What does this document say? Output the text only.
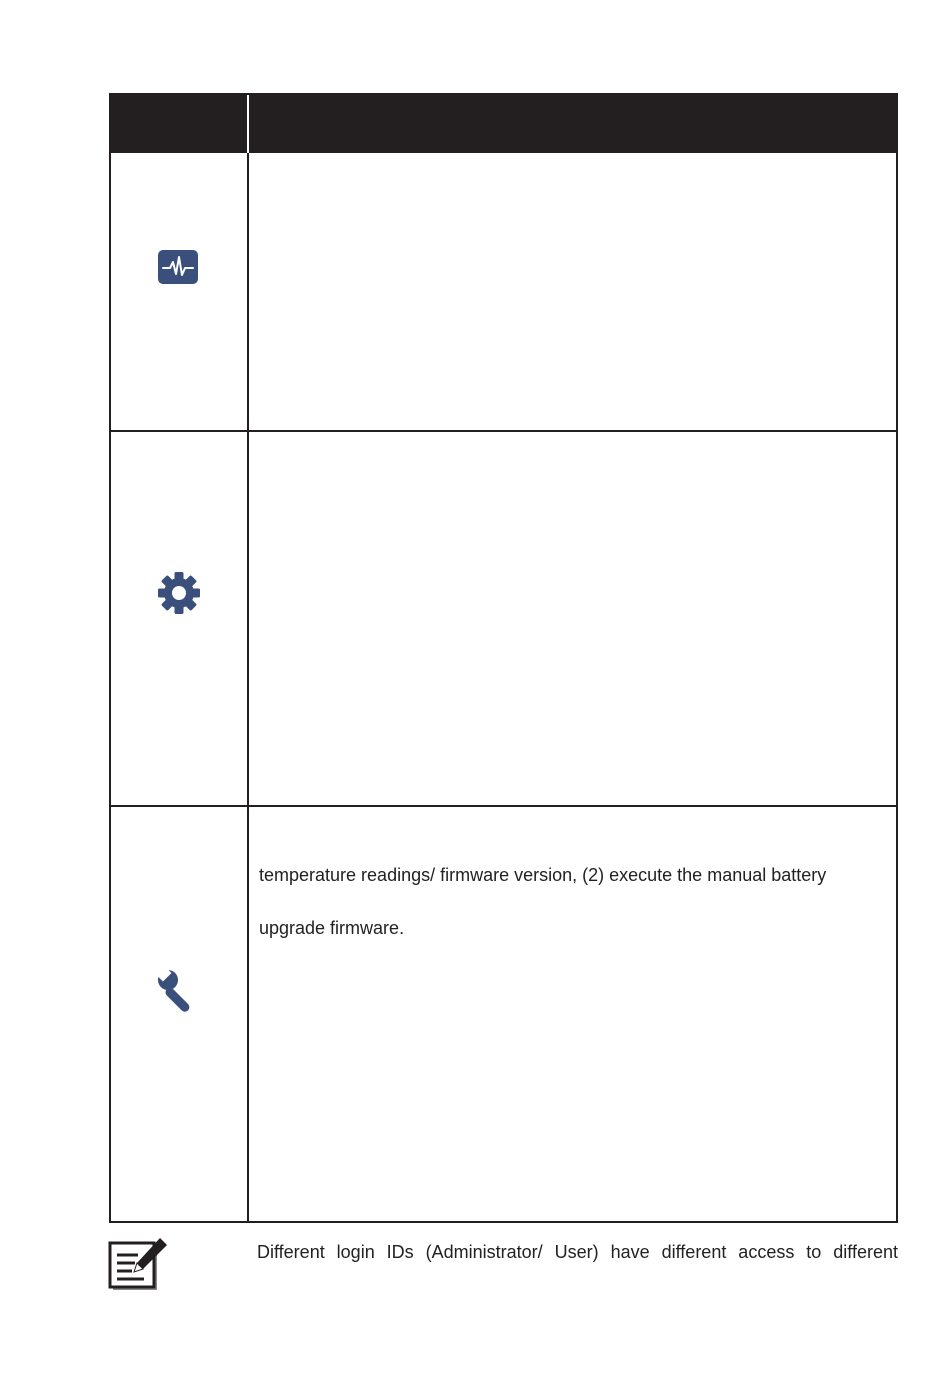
temperature readings/ firmware version, (2) execute the manual battery
upgrade firmware.
Different login IDs (Administrator/ User) have different access to different
